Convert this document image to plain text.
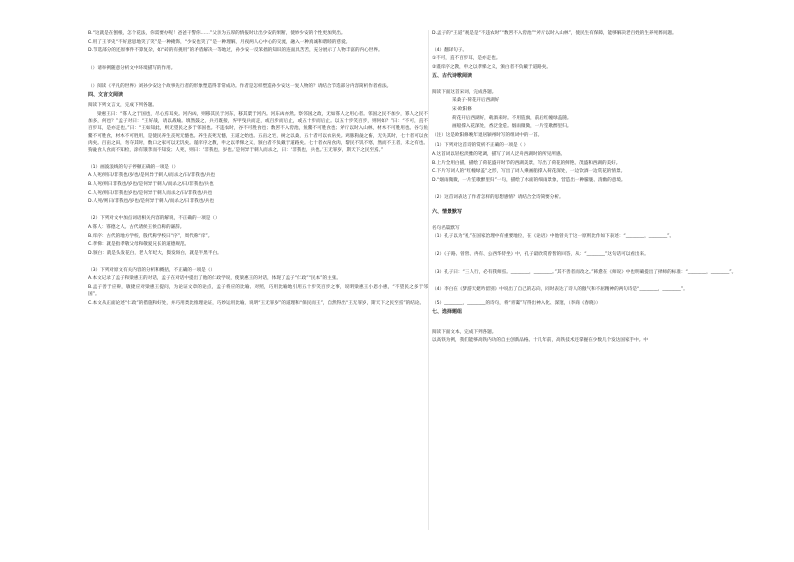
B.“这就是在刨根，怎个花法，你需要办呢！爸爸干警你……”父亲为五厚的情报时让出少安的果断，使妙少安的个性更加突出。
C.用了王爷史“不好意思地笑了笑”是一种掩饰，“少安也笑了”是一种理解，月夜两人心中心的交流，融入一种真诚和谐睦的慈爱。
D.节选部分的还原事件不算复杂，如“砖的有挑用”的矛盾解决一等地过，孙少安一反笨拙的知识的连面具苦苦，充分展示了人物丰富的内心世界。
（）请举例随意分析文中环境描写的作用。
（）阅读《平凡的世界》刘孙少安这个故事先行者的形象塑造得非常成功。作者是怎样塑造孙少安这一复人物的？请结合节选部分内容简析作者看法。
四、文言文阅读
阅读下列文言文，完成下列各题。
梁惠王曰：“寡人之于国也，尽心焉耳矣。河内凶，则移其民于河东，移其粟于河内。河东凶亦然。察邻国之政，无如寡人之用心者。邻国之民不加少，寡人之民不加多，何也？”孟子对曰：“王好战，请以战喻。填然鼓之，兵刃既接，弃甲曳兵而走，或百步而后止，或五十步而后止。以五十步笑百步，则何如？”曰：“不可，直不百步耳，是亦走也。”曰：“王如知此，则无望民之多于邻国也。不违农时，谷不可胜食也；数罟不入洿池，鱼鳖不可胜食也；斧斤以时入山林，材木不可胜用也。谷与鱼鳖不可胜食，材木不可胜用，是使民养生丧死无憾也。养生丧死无憾，王道之始也。五亩之宅，树之以桑，五十者可以衣帛矣。鸡豚狗彘之畜，无失其时，七十者可以食肉矣。百亩之田，勿夺其时，数口之家可以无饥矣。谨庠序之教，申之以孝悌之义，颁白者不负戴于道路矣。七十者衣帛食肉，黎民不饥不寒，然而不王者，未之有也。狗彘食人食而不知检，涂有饿莩而不知发；人死，则曰：‘非我也，岁也。’是何异于刺人而杀之，曰：‘非我也，兵也。’王无罪岁，斯天下之民至焉。”
（1）画波浪线的句子停顿正确的一项是（）
A.人死/则曰/非我也/岁也/是何异于刺人/而杀之/曰/非我也/兵也
B.人死/则曰非我也/岁也/是何异于刺人/而杀之/曰/非我也/兵也
C.人死/则曰/非我也岁也/是何异于刺人而杀之/曰/非我也/兵也
D.人死/则曰/非我也/岁也/是何异于刺人/而杀之/曰非我也/兵也
（2）下列对文中加点词语相关内容的解说，不正确的一项是（）
A.寡人：寡德之人。古代诸侯王侯自称的谦辞。
B.庠序：古代的地方学校，殷代称学校曰“序”，周代称“庠”。
C.孝悌：就是指孝敬父母和敬爱兄长的道德规范。
D.颁白：就是头发花白，老人年纪大，鬓发斑白，就是半黑半白。
（3）下列对原文有关内容的分析和概括，不正确的一项是（）
A.本文记录了孟子和梁惠王的对话，孟子在对话中提出了他的仁政学说，使梁惠王的对话，体现了孟子“仁政”“民本”的主张。
B.孟子善于应辩，敏捷应对梁惠王提问，为论证文章的论点，孟子将应的比喻、对照，巧用比喻地引用五十步笑百步之事，说明梁惠王小恩小惠，“不望民之多于邻国”。
C.本文从正面论述“仁政”的措施和好处，并巧用类比推理论证，巧妙运用比喻，说明“王无罪岁”的道理和“保民而王”，自然得出“王无罪岁，斯天下之民至焉”的结论。
D.孟子的“王道”观是是“不违农时”“数罟不入洿池”“斧斤以时入山林”，使民生有保障，能够解决老百姓的生养死葬问题。
（4）翻译句子。
①不可，直不百步耳，是亦走也。
②谨庠序之教，申之以孝悌之义，颁白者不负戴于道路矣。
五、古代诗歌阅读
阅读下面这首宋词，完成各题。
采桑子·荷花开后西湖好
宋·欧阳修
荷花开后西湖好，载酒来时。不用旌旗，前后红幢绿盖随。
画船撑入花深处，香泛金卮。烟雨微微，一片笙歌醉里归。
（注）这是欧阳修晚年退居颍州时写的组词中的一首。
（1）下列对这首诗的赏析不正确的一项是（ ）
A.这首词以轻松淡雅的笔调，描写了词人泛舟西湖时的所见所感。
B.上片全用白描，描绘了荷花盛开时节的西湖美景，写出了荷花的鲜艳、茂盛和西湖的美好。
C.下片写词人的“红幢绿盖”之形，写出了词人乘画船撑入荷花深处，一边饮酒一边赏花的情景。
D.“烟雨微微，一片笙歌醉里归”一句，描绘了水面的细雨景象，营造出一种朦胧、清幽的意境。
（2）这首词表达了作者怎样的思想感情？请结合全诗简要分析。
六、情景默写
名句名篇默写
（1）孔子以为“礼”在国家治理中有重要地位，在《论语》中他曾关于这一原则比作如下表述：“________，________”。
（2）《子路、曾皙、冉有、公西华侍坐》中，孔子最欣赏曾皙的回答，从：“________”这句话可以看出来。
（3）孔子曰：“三人行，必有我师焉。________，________。”其不善者而改之。”韩愈在《师说》中也明确提出了择师的标准：“________，________”。
（4）李白在《梦游天姥吟留别》中说出了自己的志向，同时表达了诗人的傲气和不屈精神的两句诗是“________，________”。
（5）________，________的诗句，将“青霭”写得出神入化、深邃，（李商《春晓》）
七、选择题组
阅读下面文本，完成下列各题。
以高铁为例，我们能够高铁内功的自主创新品格。十几年前，高铁技术还掌握在少数几个发达国家手中。中
